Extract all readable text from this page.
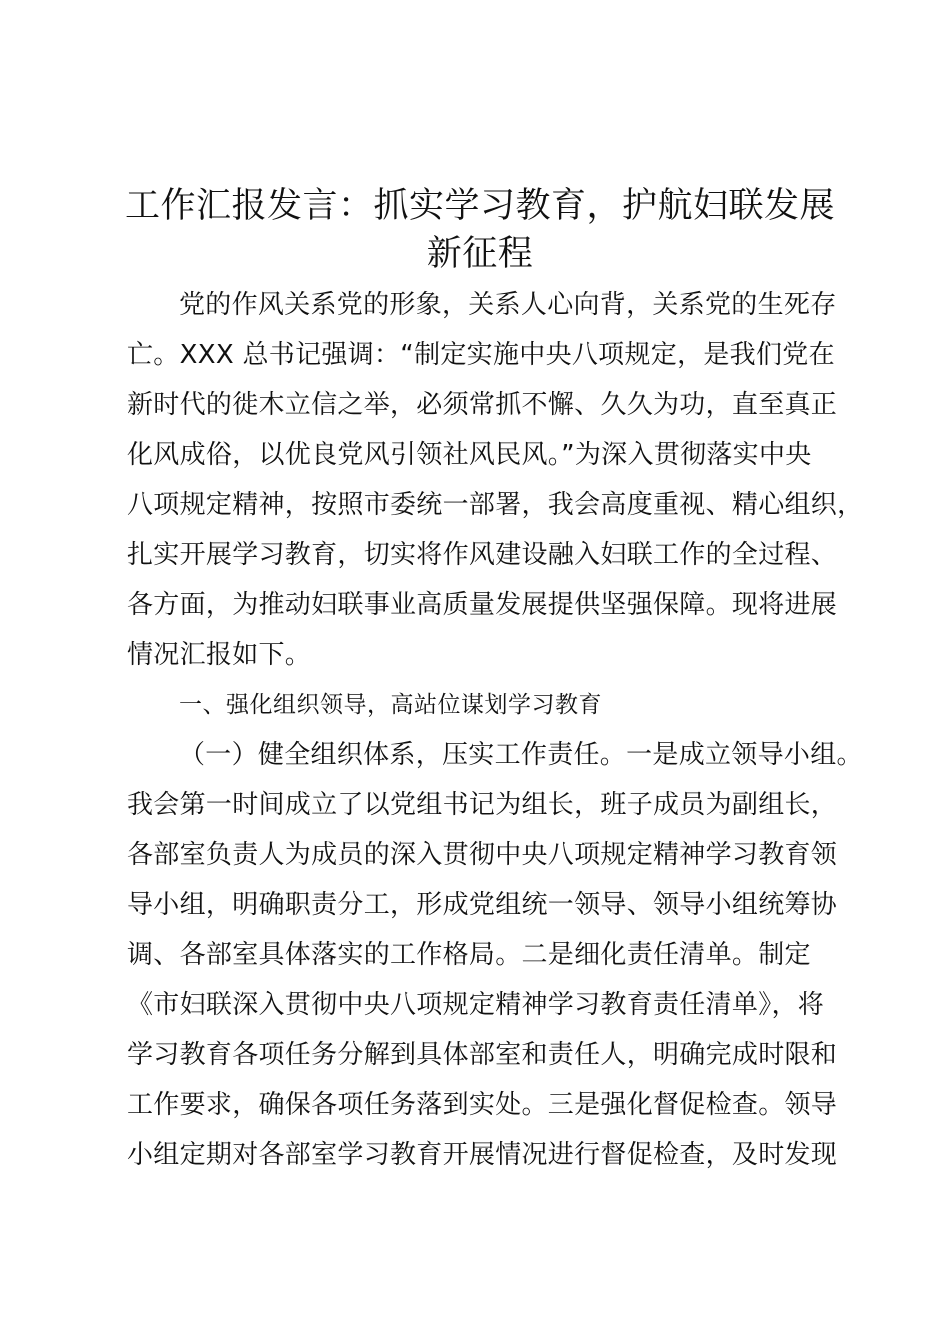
工作汇报发言：抓实学习教育，护航妇联发展
新征程
党的作风关系党的形象，关系人心向背，关系党的生死存
亡。XXX 总书记强调：“制定实施中央八项规定，是我们党在
新时代的徙木立信之举，必须常抓不懈、久久为功，直至真正
化风成俗，以优良党风引领社风民风。”为深入贯彻落实中央
八项规定精神，按照市委统一部署，我会高度重视、精心组织，
扎实开展学习教育，切实将作风建设融入妇联工作的全过程、
各方面，为推动妇联事业高质量发展提供坚强保障。现将进展
情况汇报如下。
一、强化组织领导，高站位谋划学习教育
（一）健全组织体系，压实工作责任。一是成立领导小组。
我会第一时间成立了以党组书记为组长，班子成员为副组长，
各部室负责人为成员的深入贯彻中央八项规定精神学习教育领
导小组，明确职责分工，形成党组统一领导、领导小组统筹协
调、各部室具体落实的工作格局。二是细化责任清单。制定
《市妇联深入贯彻中央八项规定精神学习教育责任清单》，将
学习教育各项任务分解到具体部室和责任人，明确完成时限和
工作要求，确保各项任务落到实处。三是强化督促检查。领导
小组定期对各部室学习教育开展情况进行督促检查，及时发现
